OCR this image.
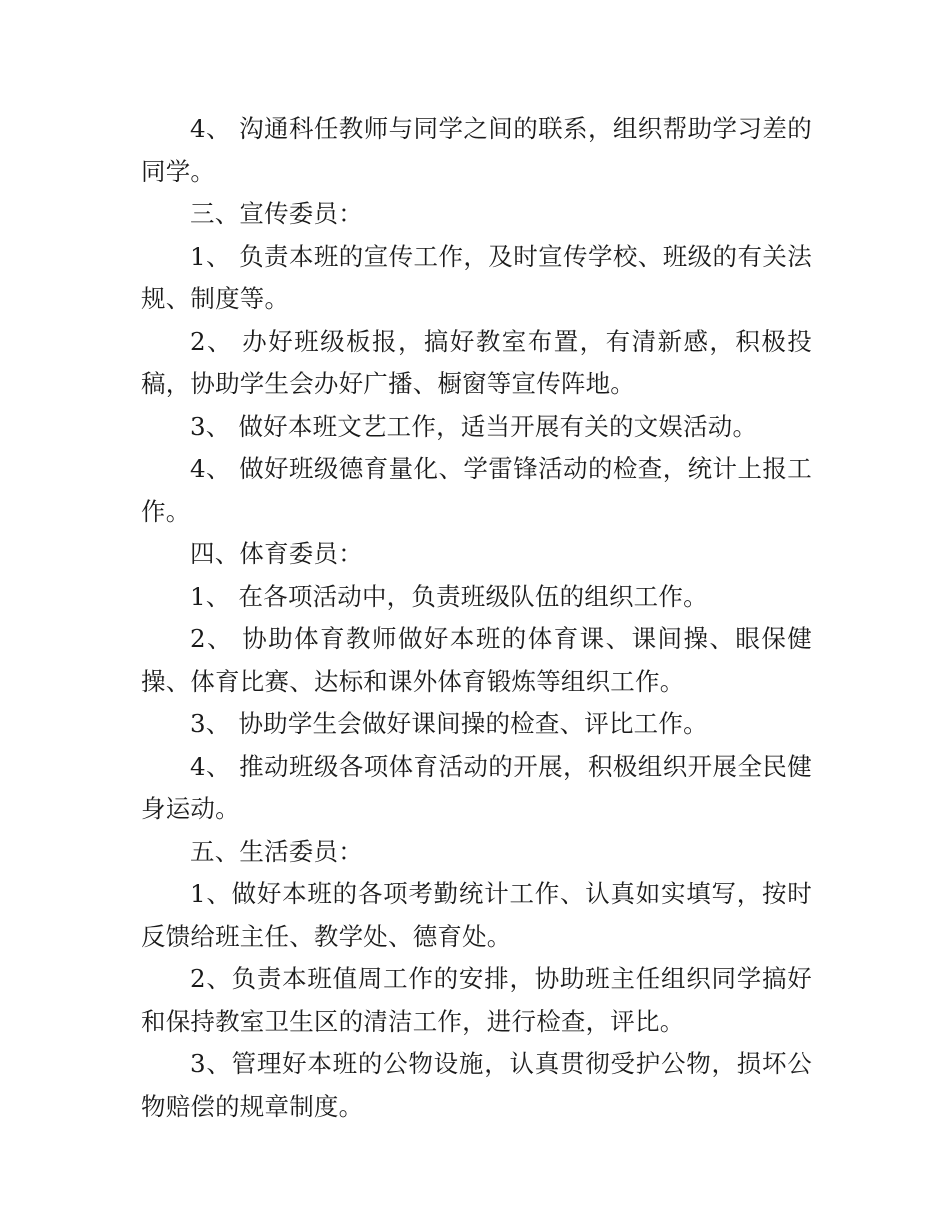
4、 沟通科任教师与同学之间的联系，组织帮助学习差的同学。

三、宣传委员：

1、 负责本班的宣传工作，及时宣传学校、班级的有关法规、制度等。

2、 办好班级板报，搞好教室布置，有清新感，积极投稿，协助学生会办好广播、橱窗等宣传阵地。

3、 做好本班文艺工作，适当开展有关的文娱活动。

4、 做好班级德育量化、学雷锋活动的检查，统计上报工作。

四、体育委员：

1、 在各项活动中，负责班级队伍的组织工作。

2、 协助体育教师做好本班的体育课、课间操、眼保健操、体育比赛、达标和课外体育锻炼等组织工作。

3、 协助学生会做好课间操的检查、评比工作。

4、 推动班级各项体育活动的开展，积极组织开展全民健身运动。

五、生活委员：

1、做好本班的各项考勤统计工作、认真如实填写，按时反馈给班主任、教学处、德育处。

2、负责本班值周工作的安排，协助班主任组织同学搞好和保持教室卫生区的清洁工作，进行检查，评比。

3、管理好本班的公物设施，认真贯彻受护公物，损坏公物赔偿的规章制度。
